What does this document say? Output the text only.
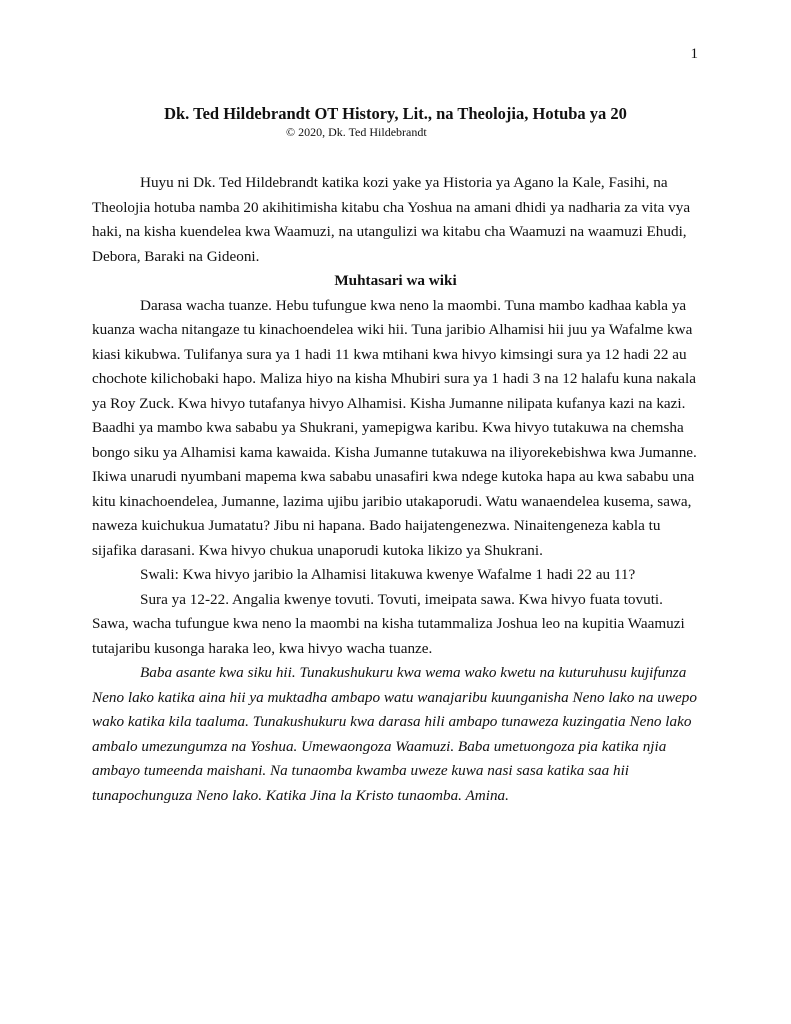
1
Dk. Ted Hildebrandt OT History, Lit., na Theolojia, Hotuba ya 20
© 2020, Dk. Ted Hildebrandt

Huyu ni Dk. Ted Hildebrandt katika kozi yake ya Historia ya Agano la Kale, Fasihi, na Theolojia hotuba namba 20 akihitimisha kitabu cha Yoshua na amani dhidi ya nadharia za vita vya haki, na kisha kuendelea kwa Waamuzi, na utangulizi wa kitabu cha Waamuzi na waamuzi Ehudi, Debora, Baraki na Gideoni.

Muhtasari wa wiki

Darasa wacha tuanze. Hebu tufungue kwa neno la maombi. Tuna mambo kadhaa kabla ya kuanza wacha nitangaze tu kinachoendelea wiki hii. Tuna jaribio Alhamisi hii juu ya Wafalme kwa kiasi kikubwa. Tulifanya sura ya 1 hadi 11 kwa mtihani kwa hivyo kimsingi sura ya 12 hadi 22 au chochote kilichobaki hapo. Maliza hiyo na kisha Mhubiri sura ya 1 hadi 3 na 12 halafu kuna nakala ya Roy Zuck. Kwa hivyo tutafanya hivyo Alhamisi. Kisha Jumanne nilipata kufanya kazi na kazi. Baadhi ya mambo kwa sababu ya Shukrani, yamepigwa karibu. Kwa hivyo tutakuwa na chemsha bongo siku ya Alhamisi kama kawaida. Kisha Jumanne tutakuwa na iliyorekebishwa kwa Jumanne. Ikiwa unarudi nyumbani mapema kwa sababu unasafiri kwa ndege kutoka hapa au kwa sababu una kitu kinachoendelea, Jumanne, lazima ujibu jaribio utakaporudi. Watu wanaendelea kusema, sawa, naweza kuichukua Jumatatu? Jibu ni hapana. Bado haijatengenezwa. Ninaitengeneza kabla tu sijafika darasani. Kwa hivyo chukua unaporudi kutoka likizo ya Shukrani.

Swali: Kwa hivyo jaribio la Alhamisi litakuwa kwenye Wafalme 1 hadi 22 au 11?

Sura ya 12-22. Angalia kwenye tovuti. Tovuti, imeipata sawa. Kwa hivyo fuata tovuti. Sawa, wacha tufungue kwa neno la maombi na kisha tutammaliza Joshua leo na kupitia Waamuzi tutajaribu kusonga haraka leo, kwa hivyo wacha tuanze.

Baba asante kwa siku hii. Tunakushukuru kwa wema wako kwetu na kuturuhusu kujifunza Neno lako katika aina hii ya muktadha ambapo watu wanajaribu kuunganisha Neno lako na uwepo wako katika kila taaluma. Tunakushukuru kwa darasa hili ambapo tunaweza kuzingatia Neno lako ambalo umezungumza na Yoshua. Umewaongoza Waamuzi. Baba umetuongoza pia katika njia ambayo tumeenda maishani. Na tunaomba kwamba uweze kuwa nasi sasa katika saa hii tunapochunguza Neno lako. Katika Jina la Kristo tunaomba. Amina.
